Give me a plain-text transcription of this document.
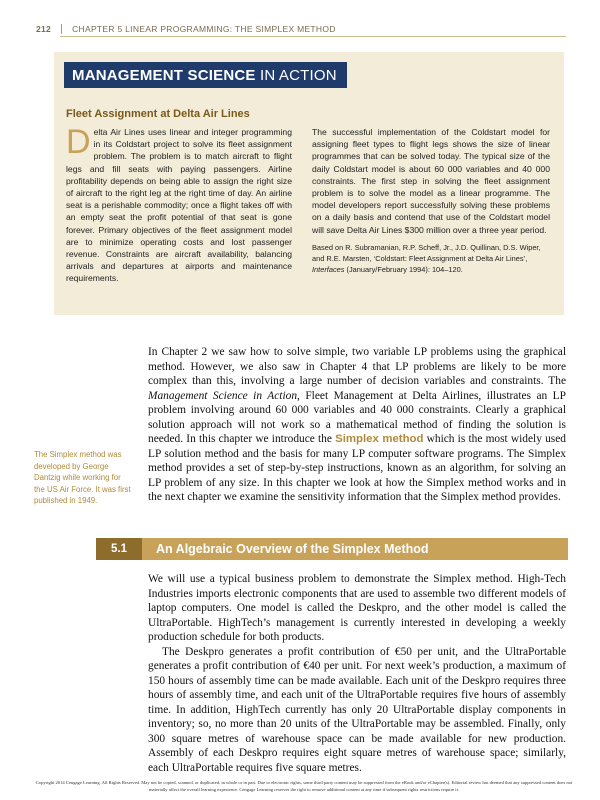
212 CHAPTER 5 LINEAR PROGRAMMING: THE SIMPLEX METHOD
MANAGEMENT SCIENCE IN ACTION
Fleet Assignment at Delta Air Lines
Delta Air Lines uses linear and integer programming in its Coldstart project to solve its fleet assignment problem. The problem is to match aircraft to flight legs and fill seats with paying passengers. Airline profitability depends on being able to assign the right size of aircraft to the right leg at the right time of day. An airline seat is a perishable commodity; once a flight takes off with an empty seat the profit potential of that seat is gone forever. Primary objectives of the fleet assignment model are to minimize operating costs and lost passenger revenue. Constraints are aircraft availability, balancing arrivals and departures at airports and maintenance requirements.
The successful implementation of the Coldstart model for assigning fleet types to flight legs shows the size of linear programmes that can be solved today. The typical size of the daily Coldstart model is about 60 000 variables and 40 000 constraints. The first step in solving the fleet assignment problem is to solve the model as a linear programme. The model developers report successfully solving these problems on a daily basis and contend that use of the Coldstart model will save Delta Air Lines $300 million over a three year period.
Based on R. Subramanian, R.P. Scheff, Jr., J.D. Quillinan, D.S. Wiper, and R.E. Marsten, ‘Coldstart: Fleet Assignment at Delta Air Lines’, Interfaces (January/February 1994): 104–120.
In Chapter 2 we saw how to solve simple, two variable LP problems using the graphical method. However, we also saw in Chapter 4 that LP problems are likely to be more complex than this, involving a large number of decision variables and constraints. The Management Science in Action, Fleet Management at Delta Airlines, illustrates an LP problem involving around 60 000 variables and 40 000 constraints. Clearly a graphical solution approach will not work so a mathematical method of finding the solution is needed. In this chapter we introduce the Simplex method which is the most widely used LP solution method and the basis for many LP computer software programs. The Simplex method provides a set of step-by-step instructions, known as an algorithm, for solving an LP problem of any size. In this chapter we look at how the Simplex method works and in the next chapter we examine the sensitivity information that the Simplex method provides.
The Simplex method was developed by George Dantzig while working for the US Air Force. It was first published in 1949.
5.1	An Algebraic Overview of the Simplex Method

We will use a typical business problem to demonstrate the Simplex method. High-Tech Industries imports electronic components that are used to assemble two different models of laptop computers. One model is called the Deskpro, and the other model is called the UltraPortable. HighTech’s management is currently interested in developing a weekly production schedule for both products.

The Deskpro generates a profit contribution of €50 per unit, and the UltraPortable generates a profit contribution of €40 per unit. For next week’s production, a maximum of 150 hours of assembly time can be made available. Each unit of the Deskpro requires three hours of assembly time, and each unit of the UltraPortable requires five hours of assembly time. In addition, HighTech currently has only 20 UltraPortable display components in inventory; so, no more than 20 units of the UltraPortable may be assembled. Finally, only 300 square metres of warehouse space can be made available for new production. Assembly of each Deskpro requires eight square metres of warehouse space; similarly, each UltraPortable requires five square metres.

Copyright 2014 Cengage Learning. All Rights Reserved. May not be copied, scanned, or duplicated, in whole or in part. Due to electronic rights, some third party content may be suppressed from the eBook and/or eChapter(s). Editorial review has deemed that any suppressed content does not materially affect the overall learning experience. Cengage Learning reserves the right to remove additional content at any time if subsequent rights restrictions require it.
